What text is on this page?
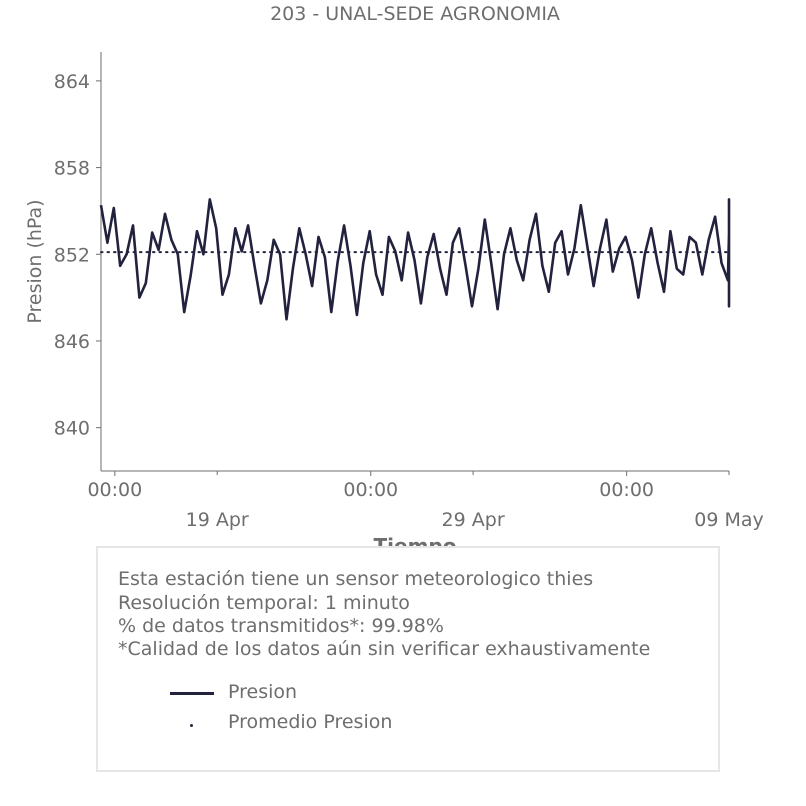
203 - UNAL-SEDE AGRONOMIA
840
846
852
858
864
00:00	00:00	00:00
19 Apr	29 Apr	09 May
Presion (hPa)
Esta estación tiene un sensor meteorologico thies
Resolución temporal: 1 minuto
% de datos transmitidos*: 99.98%
*Calidad de los datos aún sin verificar exhaustivamente
Presion
Promedio Presion
